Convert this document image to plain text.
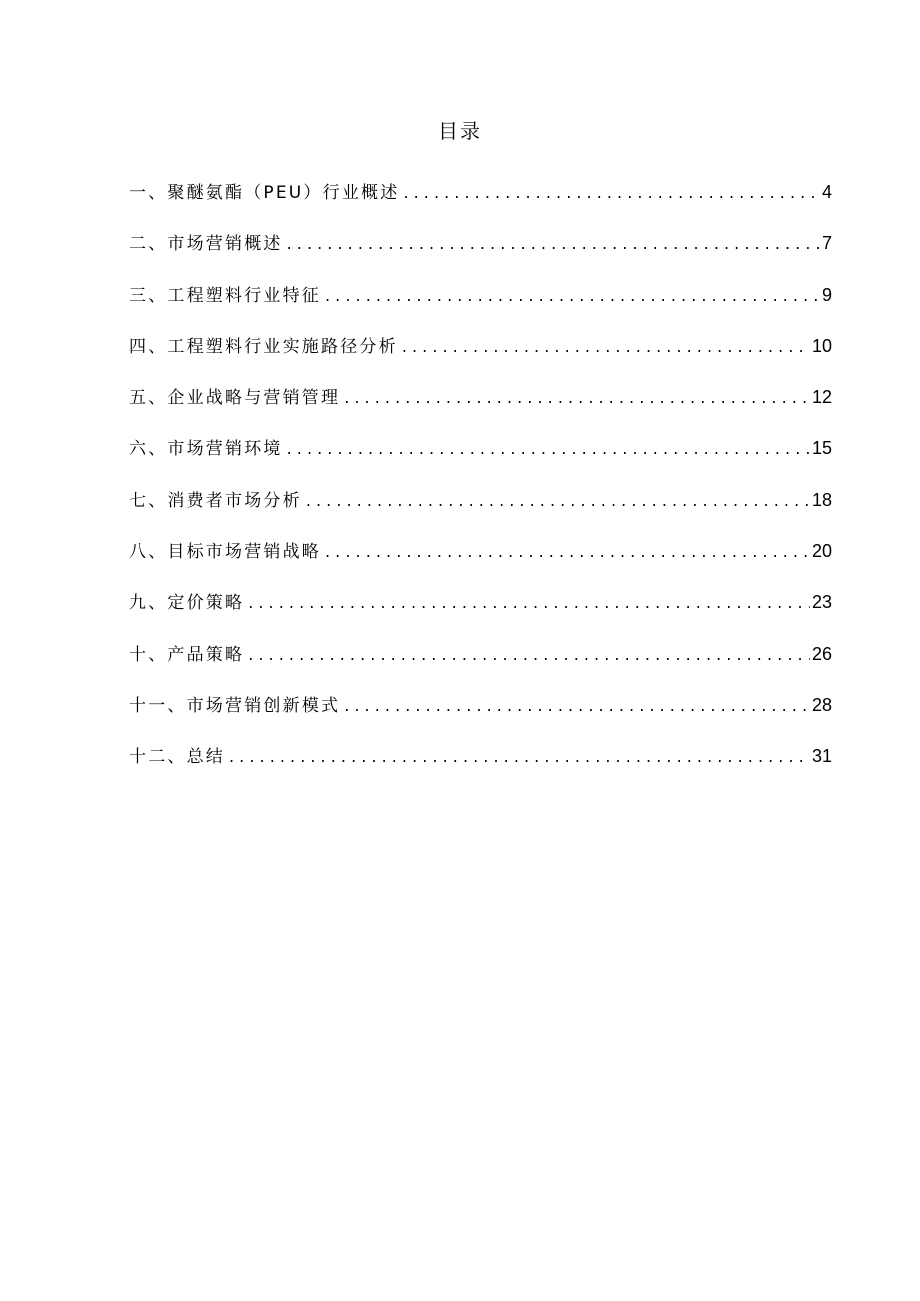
目录
一、聚醚氨酯（PEU）行业概述 . . .	4
二、市场营销概述 . . .	7
三、工程塑料行业特征 . . .	9
四、工程塑料行业实施路径分析 . . .	10
五、企业战略与营销管理 . . .	12
六、市场营销环境 . . .	15
七、消费者市场分析 . . .	18
八、目标市场营销战略 . . .	20
九、定价策略 . . .	23
十、产品策略 . . .	26
十一、市场营销创新模式 . . .	28
十二、总结 . . .	31
